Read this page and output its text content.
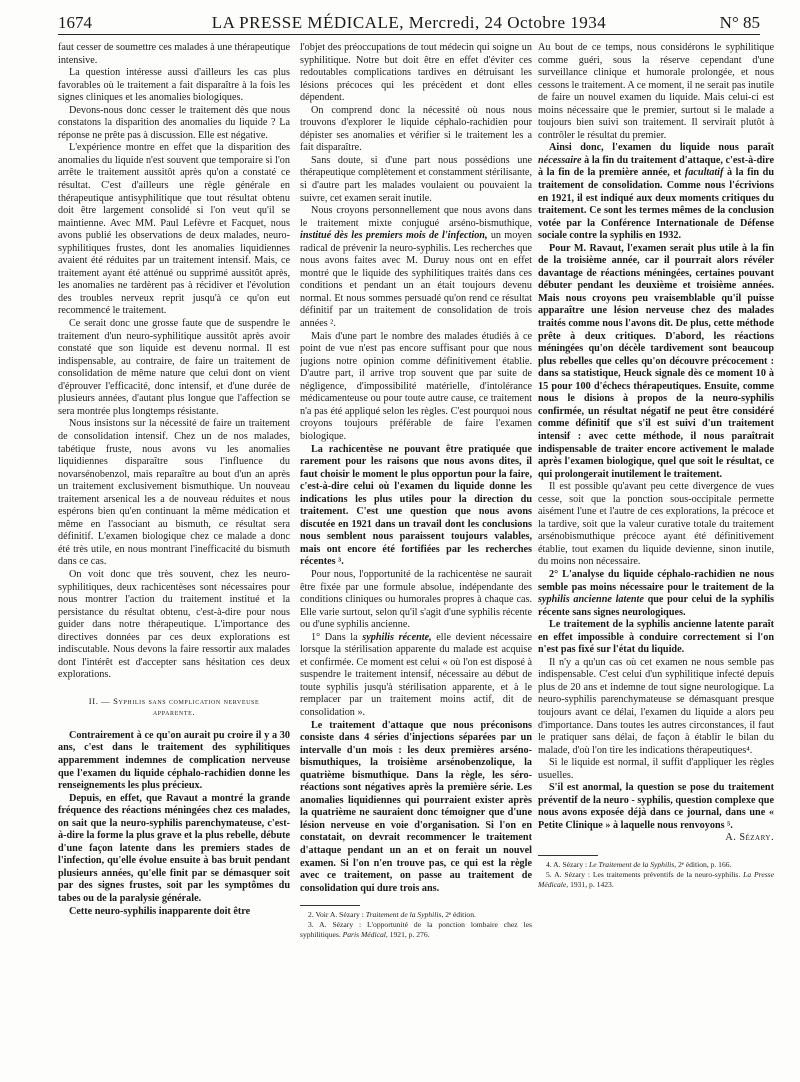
1674	LA PRESSE MÉDICALE, Mercredi, 24 Octobre 1934	N° 85

faut cesser de soumettre ces malades à une thérapeutique intensive.

La question intéresse aussi d'ailleurs les cas plus favorables où le traitement a fait disparaître à la fois les signes cliniques et les anomalies biologiques.

Devons-nous donc cesser le traitement dès que nous constatons la disparition des anomalies du liquide ? La réponse ne prête pas à discussion. Elle est négative.

L'expérience montre en effet que la disparition des anomalies du liquide n'est souvent que temporaire si l'on arrête le traitement aussitôt après qu'on a constaté ce résultat. C'est d'ailleurs une règle générale en thérapeutique antisyphilitique que tout résultat obtenu doit être largement consolidé si l'on veut qu'il se maintienne. Avec MM. Paul Lefèvre et Facquet, nous avons publié les observations de deux malades, neuro-syphilitiques frustes, dont les anomalies liquidiennes avaient été réduites par un traitement intensif. Mais, ce traitement ayant été atténué ou supprimé aussitôt après, les anomalies ne tardèrent pas à récidiver et l'évolution des troubles nerveux reprit jusqu'à ce qu'on eut recommencé le traitement.

Ce serait donc une grosse faute que de suspendre le traitement d'un neuro-syphilitique aussitôt après avoir constaté que son liquide est devenu normal. Il est indispensable, au contraire, de faire un traitement de consolidation de même nature que celui dont on vient d'éprouver l'efficacité, donc intensif, et d'une durée de plusieurs années, d'autant plus longue que l'affection se sera montrée plus longtemps résistante.

Nous insistons sur la nécessité de faire un traitement de consolidation intensif. Chez un de nos malades, tabétique fruste, nous avons vu les anomalies liquidiennes disparaître sous l'influence du novarsénobenzol, mais reparaître au bout d'un an après un traitement exclusivement bismuthique. Un nouveau traitement arsenical les a de nouveau réduites et nous espérons bien qu'en continuant la même médication et même en l'associant au bismuth, ce résultat sera définitif. L'examen biologique chez ce malade a donc été très utile, en nous montrant l'inefficacité du bismuth dans ce cas.

On voit donc que très souvent, chez les neuro-syphilitiques, deux rachicentèses sont nécessaires pour nous montrer l'action du traitement institué et la persistance du résultat obtenu, c'est-à-dire pour nous guider dans notre thérapeutique. L'importance des directives données par ces deux explorations est indiscutable. Nous devons la faire ressortir aux malades dont l'intérêt est d'accepter sans hésitation ces deux explorations.

II. — Syphilis sans complication nerveuse
apparente.

Contrairement à ce qu'on aurait pu croire il y a 30 ans, c'est dans le traitement des syphilitiques apparemment indemnes de complication nerveuse que l'examen du liquide céphalo-rachidien donne les renseignements les plus précieux.

Depuis, en effet, que Ravaut a montré la grande fréquence des réactions méningées chez ces malades, on sait que la neuro-syphilis parenchymateuse, c'est-à-dire la forme la plus grave et la plus rebelle, débute d'une façon latente dans les premiers stades de l'infection, qu'elle évolue ensuite à bas bruit pendant plusieurs années, qu'elle finit par se démasquer soit par des signes frustes, soit par les symptômes du tabes ou de la paralysie générale.

Cette neuro-syphilis inapparente doit être

l'objet des préoccupations de tout médecin qui soigne un syphilitique. Notre but doit être en effet d'éviter ces redoutables complications tardives en détruisant les lésions précoces qui les précèdent et dont elles dépendent.

On comprend donc la nécessité où nous nous trouvons d'explorer le liquide céphalo-rachidien pour dépister ses anomalies et vérifier si le traitement les a fait disparaître.

Sans doute, si d'une part nous possédions une thérapeutique complètement et constamment stérilisante, si d'autre part les malades voulaient ou pouvaient la suivre, cet examen serait inutile.

Nous croyons personnellement que nous avons dans le traitement mixte conjugué arséno-bismuthique, institué dès les premiers mois de l'infection, un moyen radical de prévenir la neuro-syphilis. Les recherches que nous avons faites avec M. Duruy nous ont en effet montré que le liquide des syphilitiques traités dans ces conditions et pendant un an était toujours devenu normal. Et nous sommes persuadé qu'on rend ce résultat définitif par un traitement de consolidation de trois années ².

Mais d'une part le nombre des malades étudiés à ce point de vue n'est pas encore suffisant pour que nous jugions notre opinion comme définitivement établie. D'autre part, il arrive trop souvent que par suite de négligence, d'impossibilité matérielle, d'intolérance médicamenteuse ou pour toute autre cause, ce traitement n'a pas été appliqué selon les règles. C'est pourquoi nous croyons toujours préférable de faire l'examen biologique.

La rachicentèse ne pouvant être pratiquée que rarement pour les raisons que nous avons dites, il faut choisir le moment le plus opportun pour la faire, c'est-à-dire celui où l'examen du liquide donne les indications les plus utiles pour la direction du traitement. C'est une question que nous avons discutée en 1921 dans un travail dont les conclusions nous semblent nous paraissent toujours valables, mais ont encore été fortifiées par les recherches récentes ³.

Pour nous, l'opportunité de la rachicentèse ne saurait être fixée par une formule absolue, indépendante des conditions cliniques ou humorales propres à chaque cas. Elle varie surtout, selon qu'il s'agit d'une syphilis récente ou d'une syphilis ancienne.

1° Dans la syphilis récente, elle devient nécessaire lorsque la stérilisation apparente du malade est acquise et confirmée. Ce moment est celui « où l'on est disposé à suspendre le traitement intensif, nécessaire au début de toute syphilis jusqu'à stérilisation apparente, et à le remplacer par un traitement moins actif, dit de consolidation ».

Le traitement d'attaque que nous préconisons consiste dans 4 séries d'injections séparées par un intervalle d'un mois : les deux premières arséno-bismuthiques, la troisième arsénobenzolique, la quatrième bismuthique. Dans la règle, les séro-réactions sont négatives après la première série. Les anomalies liquidiennes qui pourraient exister après la quatrième ne sauraient donc témoigner que d'une lésion nerveuse en voie d'organisation. Si l'on en constatait, on devrait recommencer le traitement d'attaque pendant un an et on ferait un nouvel examen. Si l'on n'en trouve pas, ce qui est la règle avec ce traitement, on passe au traitement de consolidation qui dure trois ans.

2. Voir A. Sézary : Traitement de la Syphilis, 2ᵉ édition.

3. A. Sézary : L'opportunité de la ponction lombaire chez les syphilitiques. Paris Médical, 1921, p. 276.

Au bout de ce temps, nous considérons le syphilitique comme guéri, sous la réserve cependant d'une surveillance clinique et humorale prolongée, et nous cessons le traitement. A ce moment, il ne serait pas inutile de faire un nouvel examen du liquide. Mais celui-ci est moins nécessaire que le premier, surtout si le malade a toujours bien suivi son traitement. Il servirait plutôt à contrôler le résultat du premier.

Ainsi donc, l'examen du liquide nous paraît nécessaire à la fin du traitement d'attaque, c'est-à-dire à la fin de la première année, et facultatif à la fin du traitement de consolidation. Comme nous l'écrivions en 1921, il est indiqué aux deux moments critiques du traitement. Ce sont les termes mêmes de la conclusion votée par la Conférence Internationale de Défense sociale contre la syphilis en 1932.

Pour M. Ravaut, l'examen serait plus utile à la fin de la troisième année, car il pourrait alors révéler davantage de réactions méningées, certaines pouvant débuter pendant les deuxième et troisième années. Mais nous croyons peu vraisemblable qu'il puisse apparaître une lésion nerveuse chez des malades traités comme nous l'avons dit. De plus, cette méthode prête à deux critiques. D'abord, les réactions méningées qu'on décèle tardivement sont beaucoup plus rebelles que celles qu'on découvre précocement : dans sa statistique, Heuck signale dès ce moment 10 à 15 pour 100 d'échecs thérapeutiques. Ensuite, comme nous le disions à propos de la neuro-syphilis confirmée, un résultat négatif ne peut être considéré comme définitif que s'il est suivi d'un traitement intensif : avec cette méthode, il nous paraîtrait indispensable de traiter encore activement le malade après l'examen biologique, quel que soit le résultat, ce qui prolongerait inutilement le traitement.

Il est possible qu'avant peu cette divergence de vues cesse, soit que la ponction sous-occipitale permette aisément l'une et l'autre de ces explorations, la précoce et la tardive, soit que la valeur curative totale du traitement arsénobismuthique précoce ayant été définitivement établie, tout examen du liquide devienne, sinon inutile, du moins non nécessaire.

2° L'analyse du liquide céphalo-rachidien ne nous semble pas moins nécessaire pour le traitement de la syphilis ancienne latente que pour celui de la syphilis récente sans signes neurologiques.

Le traitement de la syphilis ancienne latente paraît en effet impossible à conduire correctement si l'on n'est pas fixé sur l'état du liquide.

Il n'y a qu'un cas où cet examen ne nous semble pas indispensable. C'est celui d'un syphilitique infecté depuis plus de 20 ans et indemne de tout signe neurologique. La neuro-syphilis parenchymateuse se démasquant presque toujours avant ce délai, l'examen du liquide a alors peu d'importance. Dans toutes les autres circonstances, il faut le pratiquer sans délai, de façon à établir le bilan du malade, d'où l'on tire les indications thérapeutiques⁴.

Si le liquide est normal, il suffit d'appliquer les règles usuelles.

S'il est anormal, la question se pose du traitement préventif de la neuro - syphilis, question complexe que nous avons exposée déjà dans ce journal, dans une « Petite Clinique » à laquelle nous renvoyons ⁵.

A. Sézary.

4. A. Sézary : Le Traitement de la Syphilis, 2ᵉ édition, p. 166.

5. A. Sézary : Les traitements préventifs de la neuro-syphilis. La Presse Médicale, 1931, p. 1423.
